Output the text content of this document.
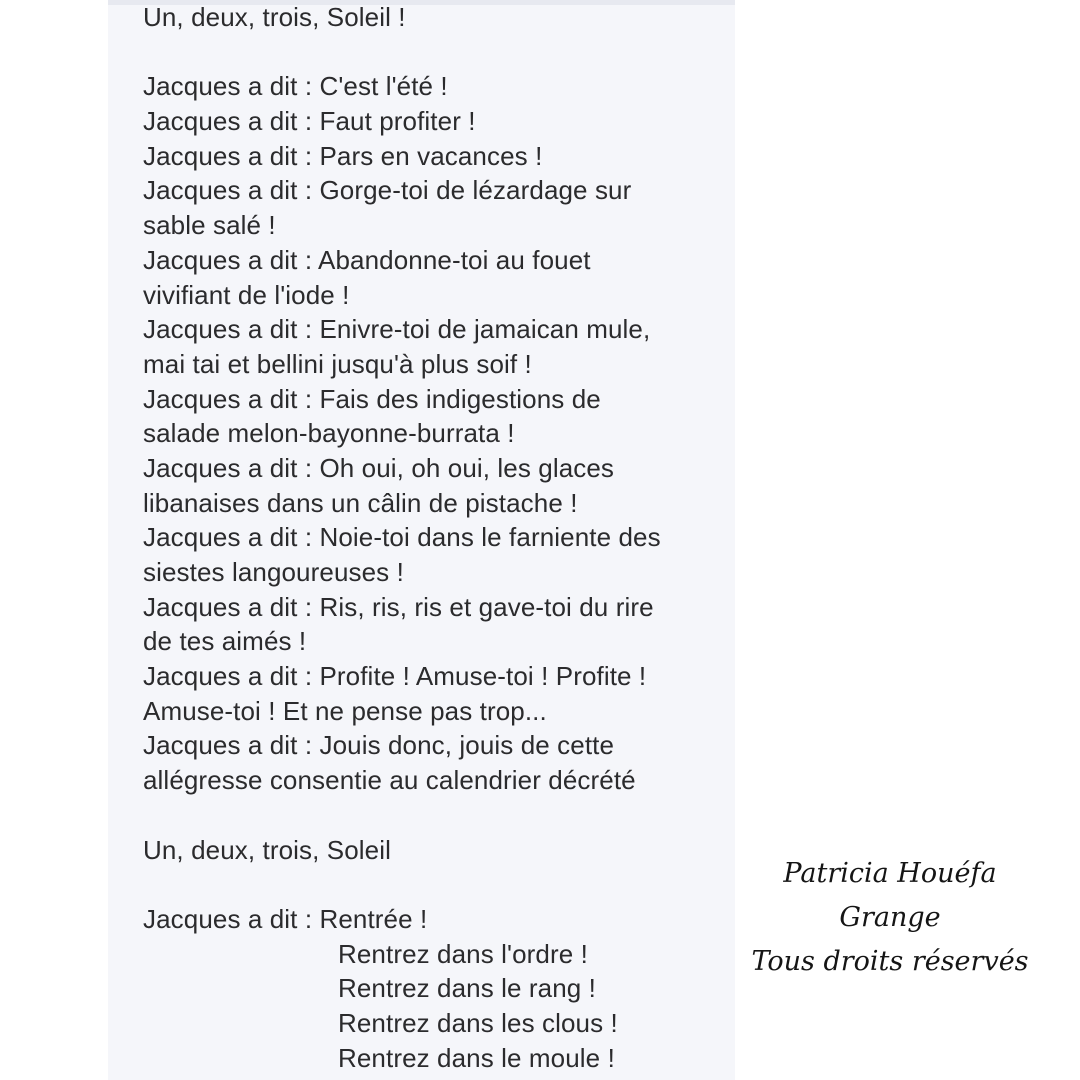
Un, deux, trois, Soleil !
Jacques a dit : C'est l'été !
Jacques a dit : Faut profiter !
Jacques a dit : Pars en vacances !
Jacques a dit : Gorge-toi de lézardage sur
sable salé !
Jacques a dit : Abandonne-toi au fouet
vivifiant de l'iode !
Jacques a dit : Enivre-toi de jamaican mule,
mai tai et bellini jusqu'à plus soif !
Jacques a dit : Fais des indigestions de
salade melon-bayonne-burrata !
Jacques a dit : Oh oui, oh oui, les glaces
libanaises dans un câlin de pistache !
Jacques a dit : Noie-toi dans le farniente des
siestes langoureuses !
Jacques a dit : Ris, ris, ris et gave-toi du rire
de tes aimés !
Jacques a dit : Profite ! Amuse-toi ! Profite !
Amuse-toi ! Et ne pense pas trop...
Jacques a dit : Jouis donc, jouis de cette
allégresse consentie au calendrier décrété
Un, deux, trois, Soleil
Jacques a dit : Rentrée !
Rentrez dans l'ordre !
Rentrez dans le rang !
Rentrez dans les clous !
Rentrez dans le moule !
Patricia Houéfa Grange
Tous droits réservés
